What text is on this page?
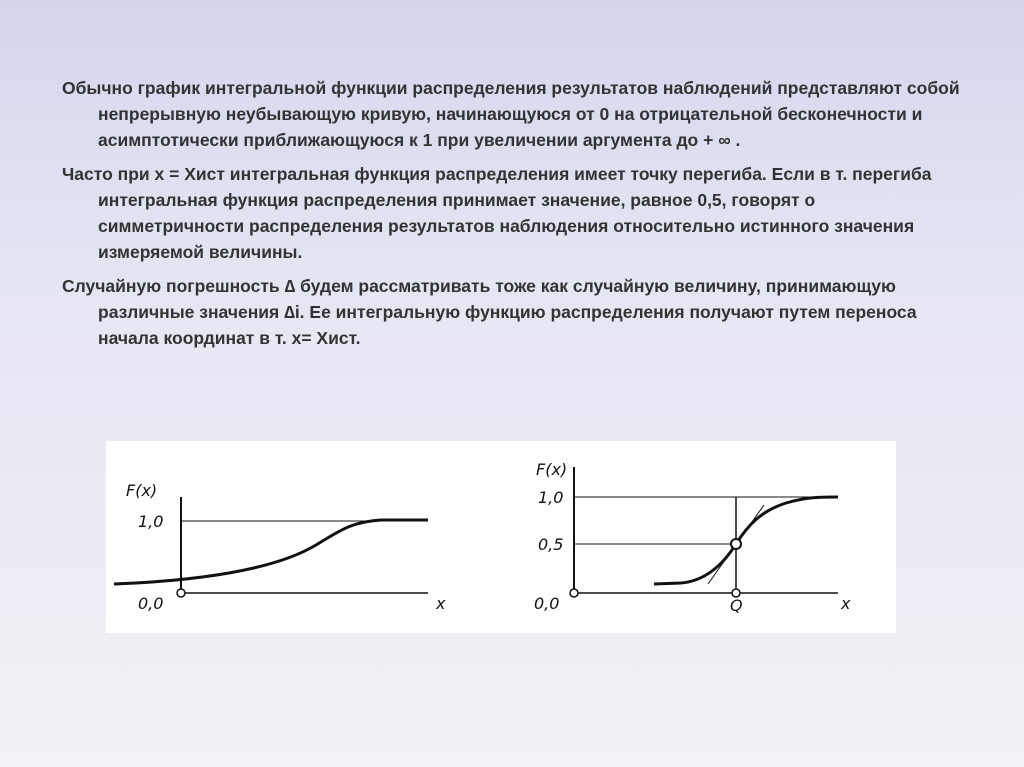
Обычно график интегральной функции распределения результатов наблюдений представляют собой непрерывную неубывающую кривую, начинающуюся от 0 на отрицательной бесконечности и асимптотически приближающуюся к 1 при увеличении аргумента до + ∞ .

Часто при х = Хист интегральная функция распределения имеет точку перегиба. Если в т. перегиба интегральная функция распределения принимает значение, равное 0,5, говорят о симметричности распределения результатов наблюдения относительно истинного значения измеряемой величины.

Случайную погрешность ∆ будем рассматривать тоже как случайную величину, принимающую различные значения ∆i. Ее интегральную функцию распределения получают путем переноса начала координат в т. х= Хист.

F(x)
1,0
0,0	x
F(x)
1,0
0,5
0,0	Q	x
